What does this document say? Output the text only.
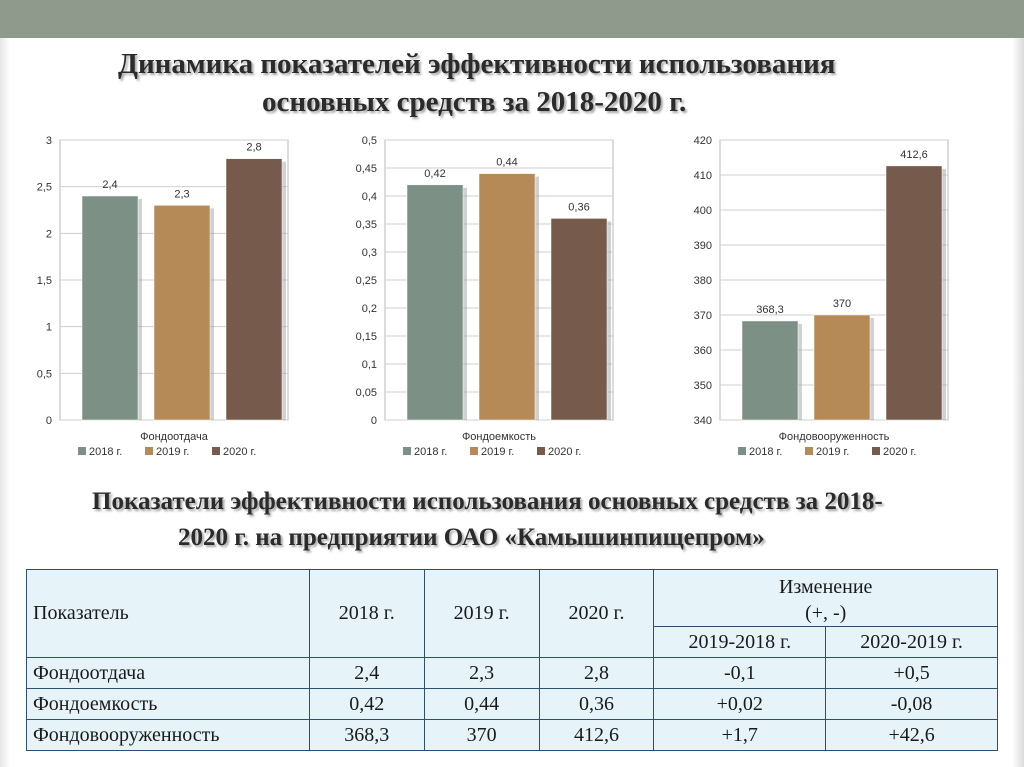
Динамика показателей эффективности использования
основных средств за 2018-2020 г.
0
0,5
1
1,5
2
2,5
3
2,4
2,3
2,8
Фондоотдача
2018 г.	2019 г.	2020 г.
0
0,05
0,1
0,15
0,2
0,25
0,3
0,35
0,4
0,45
0,5
0,42
0,44
0,36
Фондоемкость
2018 г.	2019 г.	2020 г.
340
350
360
370
380
390
400
410
420
368,3	370
412,6
Фондовооруженность
2018 г.	2019 г.	2020 г.
Показатели эффективности использования основных средств за 2018-
2020 г. на предприятии ОАО «Камышинпищепром»
Показатель	2018 г.	2019 г.	2020 г.	Изменение
(+, -)	

				2019-2018 г.	2020-2019 г.
Фондоотдача	2,4	2,3	2,8	-0,1	+0,5
Фондоемкость	0,42	0,44	0,36	+0,02	-0,08
Фондовооруженность	368,3	370	412,6	+1,7	+42,6
